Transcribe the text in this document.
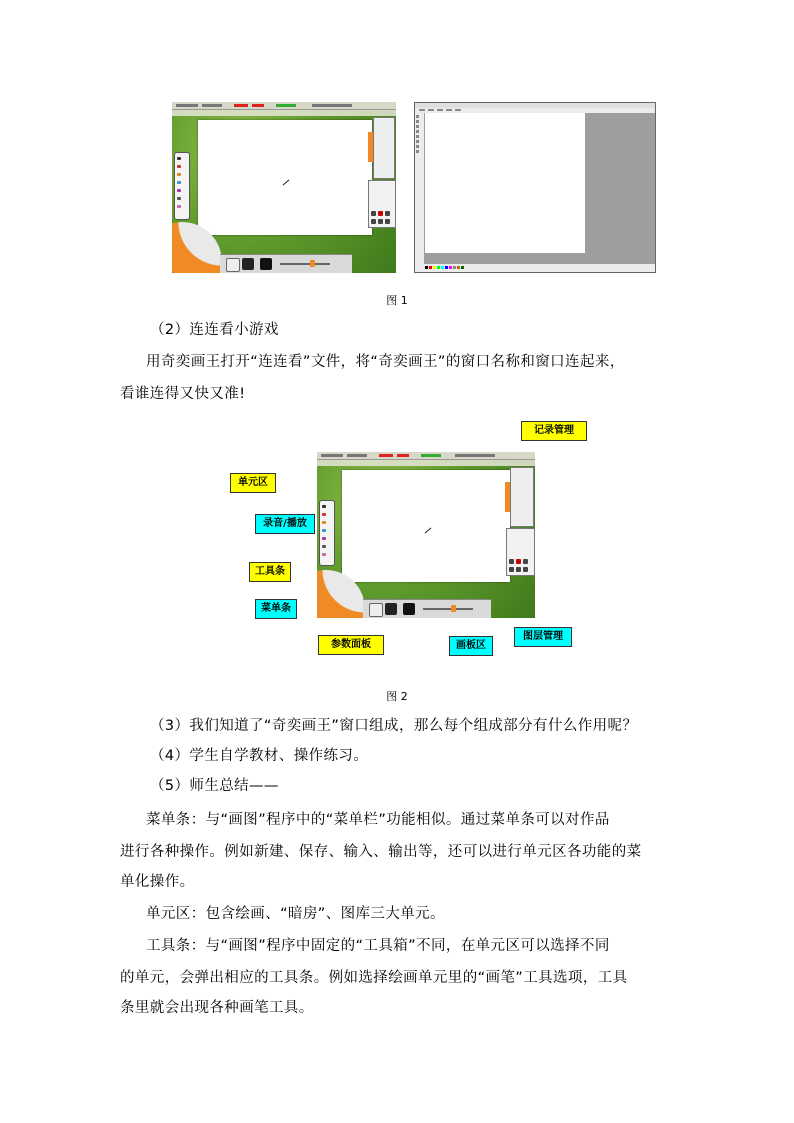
图 1
（2）连连看小游戏
用奇奕画王打开“连连看”文件，将“奇奕画王”的窗口名称和窗口连起来，
看谁连得又快又准!
记录管理
单元区
录音/播放
工具条
菜单条
参数面板	画板区
图层管理
图 2
（3）我们知道了“奇奕画王”窗口组成，那么每个组成部分有什么作用呢？
（4）学生自学教材、操作练习。
（5）师生总结——
菜单条：与“画图”程序中的“菜单栏”功能相似。通过菜单条可以对作品
进行各种操作。例如新建、保存、输入、输出等，还可以进行单元区各功能的菜
单化操作。
单元区：包含绘画、“暗房”、图库三大单元。
工具条：与“画图”程序中固定的“工具箱”不同，在单元区可以选择不同
的单元，会弹出相应的工具条。例如选择绘画单元里的“画笔”工具选项，工具
条里就会出现各种画笔工具。
